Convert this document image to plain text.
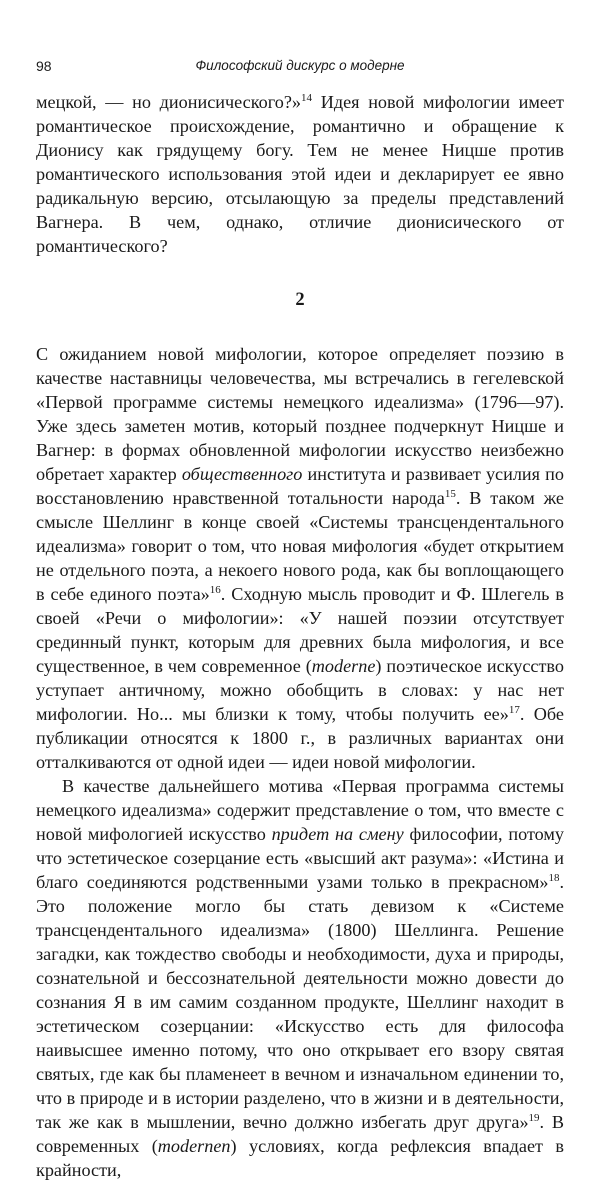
98	Философский дискурс о модерне

мецкой, — но дионисического?»$^{14}$ Идея новой мифологии имеет романтическое происхождение, романтично и обращение к Дионису как грядущему богу. Тем не менее Ницше против романтического использования этой идеи и декларирует ее явно радикальную версию, отсылающую за пределы представлений Вагнера. В чем, однако, отличие дионисического от романтического?

2

С ожиданием новой мифологии, которое определяет поэзию в качестве наставницы человечества, мы встречались в гегелевской «Первой программе системы немецкого идеализма» (1796—97). Уже здесь заметен мотив, который позднее подчеркнут Ницше и Вагнер: в формах обновленной мифологии искусство неизбежно обретает характер общественного института и развивает усилия по восстановлению нравственной тотальности народа$^{15}$. В таком же смысле Шеллинг в конце своей «Системы трансцендентального идеализма» говорит о том, что новая мифология «будет открытием не отдельного поэта, а некоего нового рода, как бы воплощающего в себе единого поэта»$^{16}$. Сходную мысль проводит и Ф. Шлегель в своей «Речи о мифологии»: «У нашей поэзии отсутствует срединный пункт, которым для древних была мифология, и все существенное, в чем современное (moderne) поэтическое искусство уступает античному, можно обобщить в словах: у нас нет мифологии. Но... мы близки к тому, чтобы получить ее»$^{17}$. Обе публикации относятся к 1800 г., в различных вариантах они отталкиваются от одной идеи — идеи новой мифологии.

В качестве дальнейшего мотива «Первая программа системы немецкого идеализма» содержит представление о том, что вместе с новой мифологией искусство придет на смену философии, потому что эстетическое созерцание есть «высший акт разума»: «Истина и благо соединяются родственными узами только в прекрасном»$^{18}$. Это положение могло бы стать девизом к «Системе трансцендентального идеализма» (1800) Шеллинга. Решение загадки, как тождество свободы и необходимости, духа и природы, сознательной и бессознательной деятельности можно довести до сознания Я в им самим созданном продукте, Шеллинг находит в эстетическом созерцании: «Искусство есть для философа наивысшее именно потому, что оно открывает его взору святая святых, где как бы пламенеет в вечном и изначальном единении то, что в природе и в истории разделено, что в жизни и в деятельности, так же как в мышлении, вечно должно избегать друг друга»$^{19}$. В современных (modernen) условиях, когда рефлексия впадает в крайности,
